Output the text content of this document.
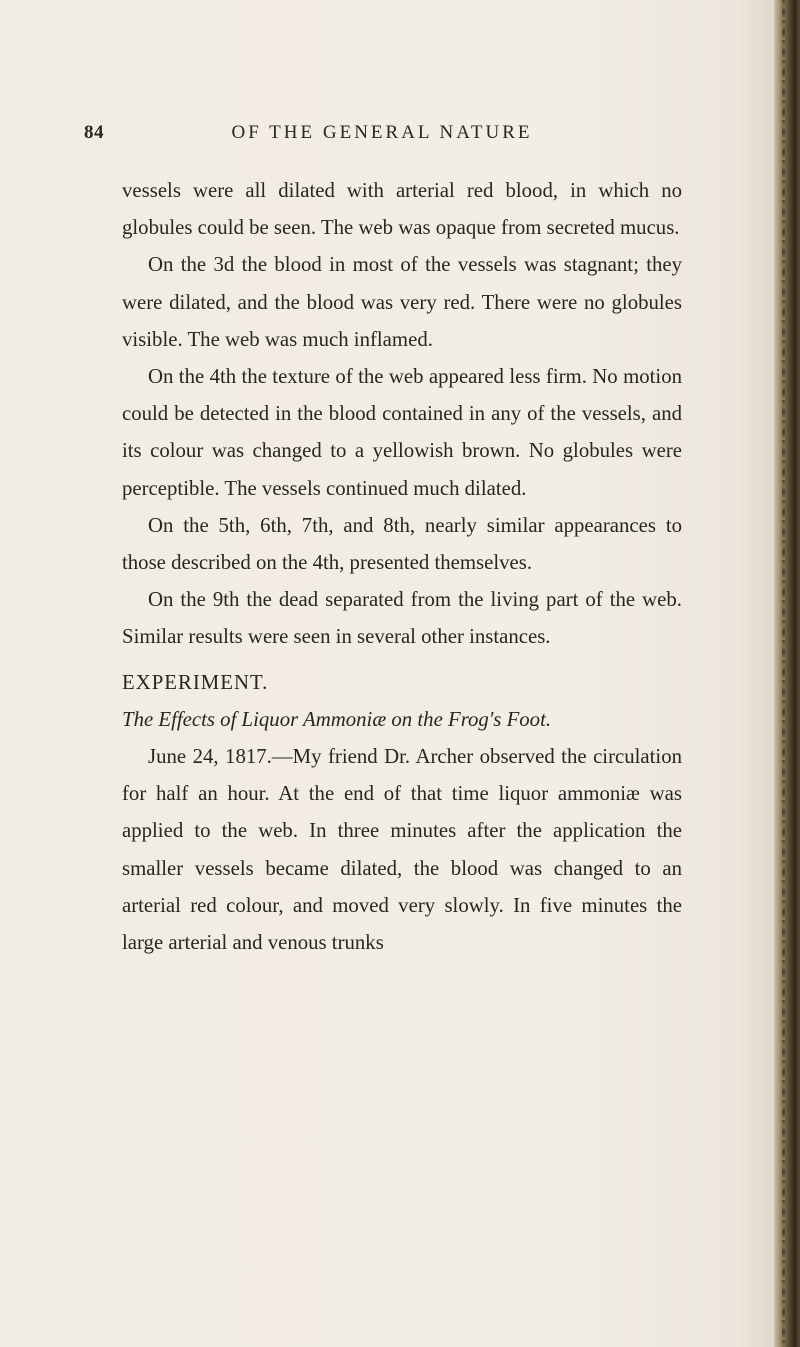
84	OF THE GENERAL NATURE

vessels were all dilated with arterial red blood, in which no globules could be seen. The web was opaque from secreted mucus.

On the 3d the blood in most of the vessels was stagnant; they were dilated, and the blood was very red. There were no globules visible. The web was much inflamed.

On the 4th the texture of the web appeared less firm. No motion could be detected in the blood contained in any of the vessels, and its colour was changed to a yellowish brown. No globules were perceptible. The vessels continued much dilated.

On the 5th, 6th, 7th, and 8th, nearly similar appearances to those described on the 4th, presented themselves.

On the 9th the dead separated from the living part of the web. Similar results were seen in several other instances.

EXPERIMENT.

The Effects of Liquor Ammoniæ on the Frog's Foot.

June 24, 1817.—My friend Dr. Archer observed the circulation for half an hour. At the end of that time liquor ammoniæ was applied to the web. In three minutes after the application the smaller vessels became dilated, the blood was changed to an arterial red colour, and moved very slowly. In five minutes the large arterial and venous trunks
